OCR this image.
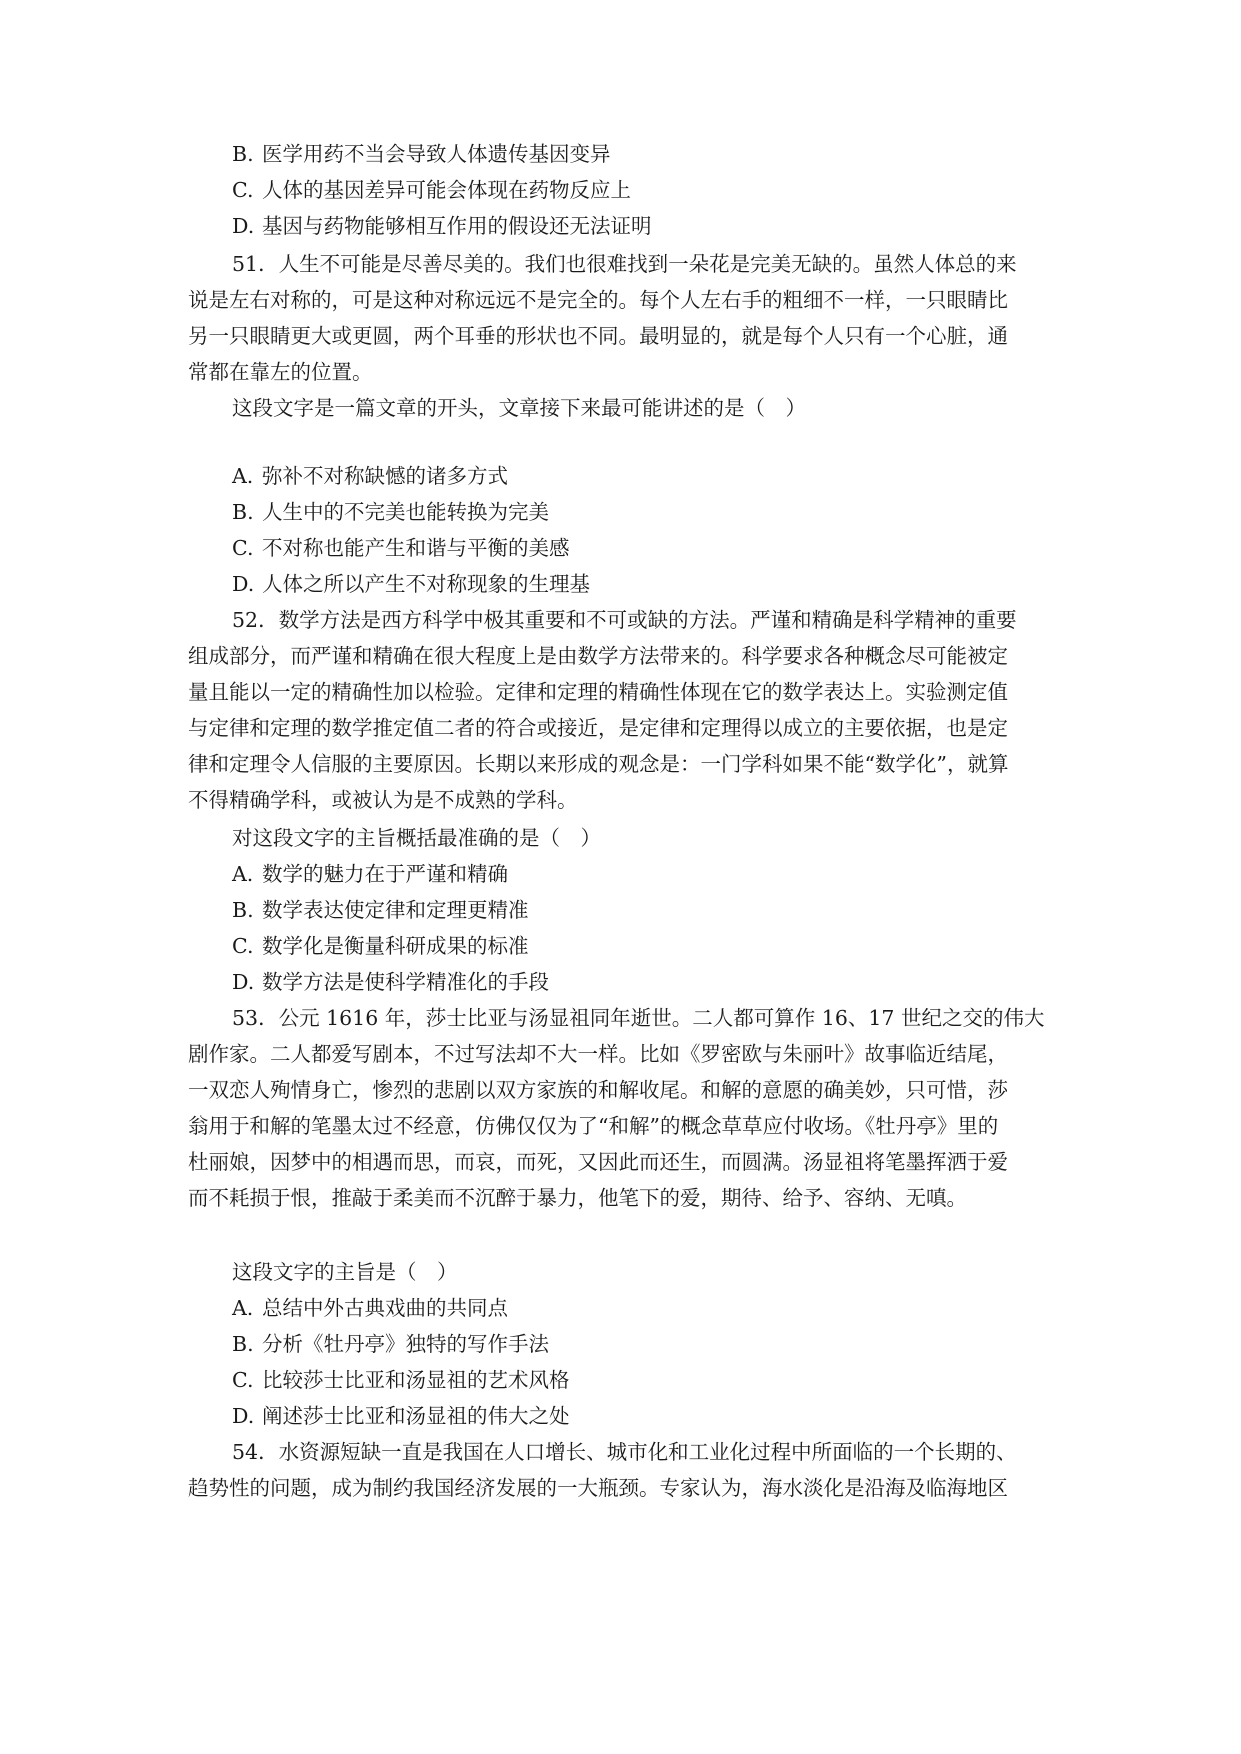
B. 医学用药不当会导致人体遗传基因变异
C. 人体的基因差异可能会体现在药物反应上
D. 基因与药物能够相互作用的假设还无法证明
51．人生不可能是尽善尽美的。我们也很难找到一朵花是完美无缺的。虽然人体总的来
说是左右对称的，可是这种对称远远不是完全的。每个人左右手的粗细不一样，一只眼睛比
另一只眼睛更大或更圆，两个耳垂的形状也不同。最明显的，就是每个人只有一个心脏，通
常都在靠左的位置。
这段文字是一篇文章的开头，文章接下来最可能讲述的是（　）
A. 弥补不对称缺憾的诸多方式
B. 人生中的不完美也能转换为完美
C. 不对称也能产生和谐与平衡的美感
D. 人体之所以产生不对称现象的生理基
52．数学方法是西方科学中极其重要和不可或缺的方法。严谨和精确是科学精神的重要
组成部分，而严谨和精确在很大程度上是由数学方法带来的。科学要求各种概念尽可能被定
量且能以一定的精确性加以检验。定律和定理的精确性体现在它的数学表达上。实验测定值
与定律和定理的数学推定值二者的符合或接近，是定律和定理得以成立的主要依据，也是定
律和定理令人信服的主要原因。长期以来形成的观念是：一门学科如果不能“数学化”，就算
不得精确学科，或被认为是不成熟的学科。
对这段文字的主旨概括最准确的是（　）
A. 数学的魅力在于严谨和精确
B. 数学表达使定律和定理更精准
C. 数学化是衡量科研成果的标准
D. 数学方法是使科学精准化的手段
53．公元 1616 年，莎士比亚与汤显祖同年逝世。二人都可算作 16、17 世纪之交的伟大
剧作家。二人都爱写剧本，不过写法却不大一样。比如《罗密欧与朱丽叶》故事临近结尾，
一双恋人殉情身亡，惨烈的悲剧以双方家族的和解收尾。和解的意愿的确美妙，只可惜，莎
翁用于和解的笔墨太过不经意，仿佛仅仅为了“和解”的概念草草应付收场。《牡丹亭》里的
杜丽娘，因梦中的相遇而思，而哀，而死，又因此而还生，而圆满。汤显祖将笔墨挥洒于爱
而不耗损于恨，推敲于柔美而不沉醉于暴力，他笔下的爱，期待、给予、容纳、无嗔。
这段文字的主旨是（　）
A. 总结中外古典戏曲的共同点
B. 分析《牡丹亭》独特的写作手法
C. 比较莎士比亚和汤显祖的艺术风格
D. 阐述莎士比亚和汤显祖的伟大之处
54．水资源短缺一直是我国在人口增长、城市化和工业化过程中所面临的一个长期的、
趋势性的问题，成为制约我国经济发展的一大瓶颈。专家认为，海水淡化是沿海及临海地区
